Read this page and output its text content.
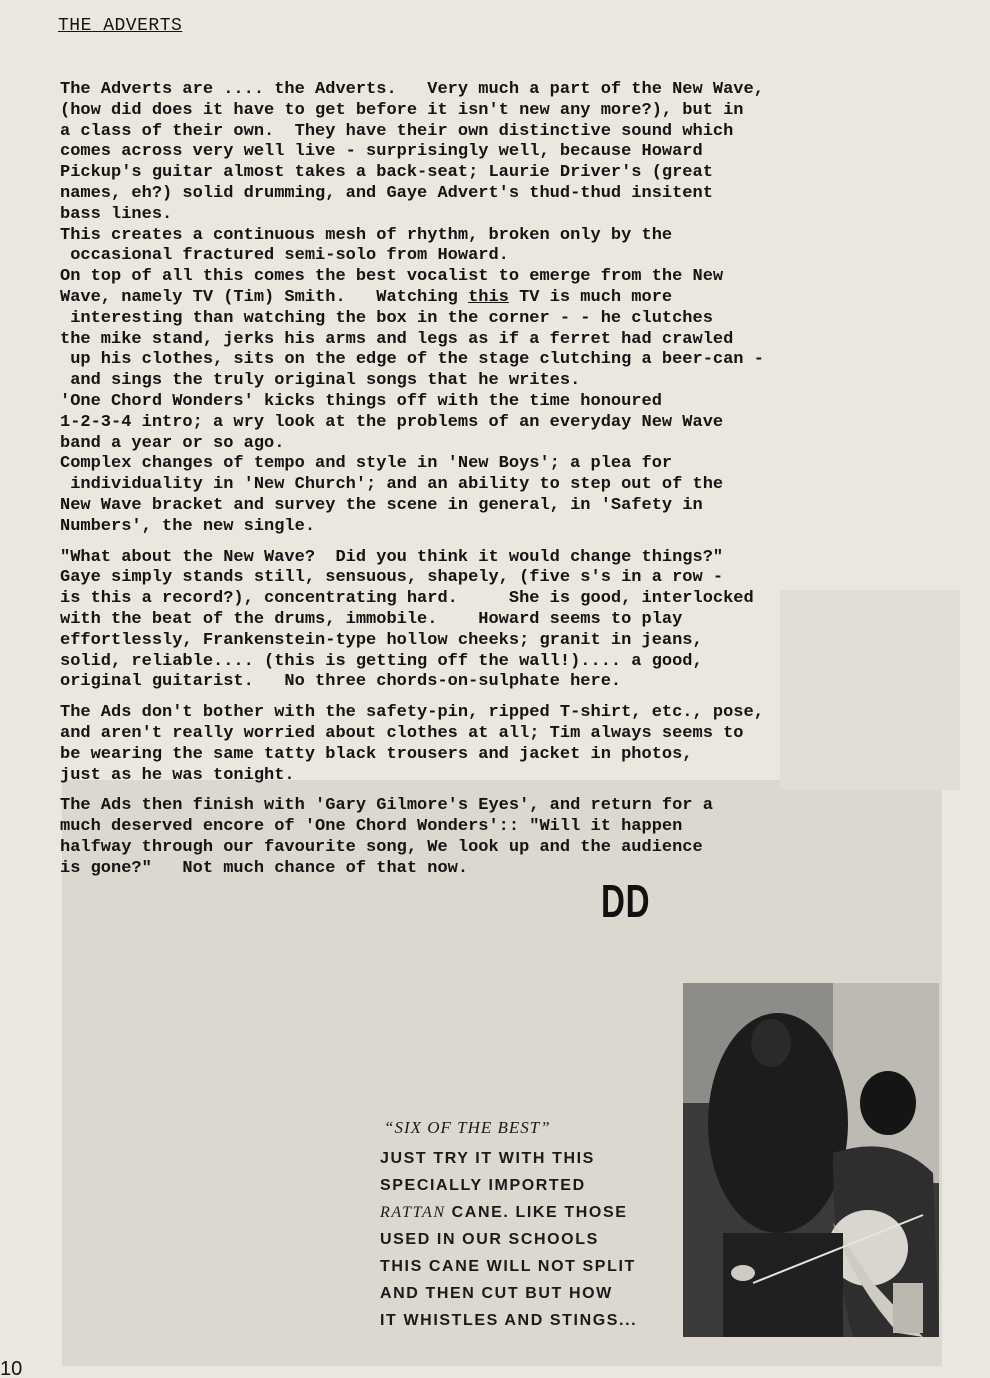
THE ADVERTS

The Adverts are .... the Adverts.   Very much a part of the New Wave,

(how did does it have to get before it isn't new any more?), but in

a class of their own.  They have their own distinctive sound which

comes across very well live - surprisingly well, because Howard

Pickup's guitar almost takes a back-seat; Laurie Driver's (great

names, eh?) solid drumming, and Gaye Advert's thud-thud insitent

bass lines.

This creates a continuous mesh of rhythm, broken only by the

occasional fractured semi-solo from Howard.

On top of all this comes the best vocalist to emerge from the New

Wave, namely TV (Tim) Smith.   Watching this TV is much more

interesting than watching the box in the corner - - he clutches

the mike stand, jerks his arms and legs as if a ferret had crawled

up his clothes, sits on the edge of the stage clutching a beer-can -

and sings the truly original songs that he writes.

'One Chord Wonders' kicks things off with the time honoured

1-2-3-4 intro; a wry look at the problems of an everyday New Wave

band a year or so ago.

Complex changes of tempo and style in 'New Boys'; a plea for

individuality in 'New Church'; and an ability to step out of the

New Wave bracket and survey the scene in general, in 'Safety in

Numbers', the new single.

"What about the New Wave?  Did you think it would change things?"

Gaye simply stands still, sensuous, shapely, (five s's in a row -

is this a record?), concentrating hard.     She is good, interlocked

with the beat of the drums, immobile.    Howard seems to play

effortlessly, Frankenstein-type hollow cheeks; granit in jeans,

solid, reliable.... (this is getting off the wall!).... a good,

original guitarist.   No three chords-on-sulphate here.

The Ads don't bother with the safety-pin, ripped T-shirt, etc., pose,

and aren't really worried about clothes at all; Tim always seems to

be wearing the same tatty black trousers and jacket in photos,

just as he was tonight.

The Ads then finish with 'Gary Gilmore's Eyes', and return for a

much deserved encore of 'One Chord Wonders':: "Will it happen

halfway through our favourite song, We look up and the audience

is gone?"   Not much chance of that now.

DD
“SIX OF THE BEST”
JUST TRY IT WITH THIS
SPECIALLY IMPORTED
RATTAN CANE. LIKE THOSE
USED IN OUR SCHOOLS
THIS CANE WILL NOT SPLIT
AND THEN CUT BUT HOW
IT WHISTLES AND STINGS...
10
